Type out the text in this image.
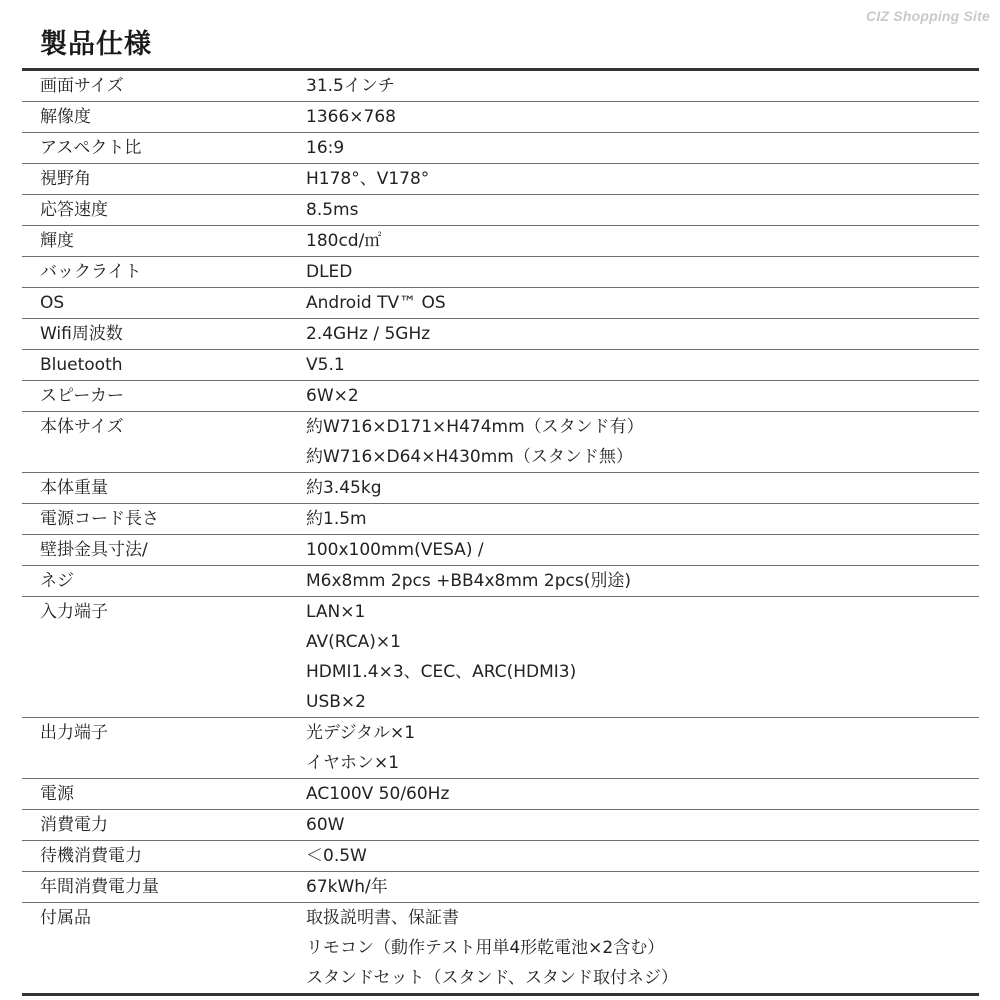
CIZ Shopping Site
製品仕様
画面サイズ	31.5インチ
解像度	1366×768
アスペクト比	16:9
視野角	H178°、V178°
応答速度	8.5ms
輝度	180cd/㎡
バックライト	DLED
OS	Android TV™ OS
Wifi周波数	2.4GHz / 5GHz
Bluetooth	V5.1
スピーカー	6W×2
本体サイズ	約W716×D171×H474mm（スタンド有）
約W716×D64×H430mm（スタンド無）
本体重量	約3.45kg
電源コード長さ	約1.5m
壁掛金具寸法/	100x100mm(VESA) /
ネジ	M6x8mm 2pcs +BB4x8mm 2pcs(別途)
入力端子	LAN×1
AV(RCA)×1
HDMI1.4×3、CEC、ARC(HDMI3)
USB×2
出力端子	光デジタル×1
イヤホン×1
電源	AC100V 50/60Hz
消費電力	60W
待機消費電力	＜0.5W
年間消費電力量	67kWh/年
付属品	取扱説明書、保証書
リモコン（動作テスト用単4形乾電池×2含む）
スタンドセット（スタンド、スタンド取付ネジ）
